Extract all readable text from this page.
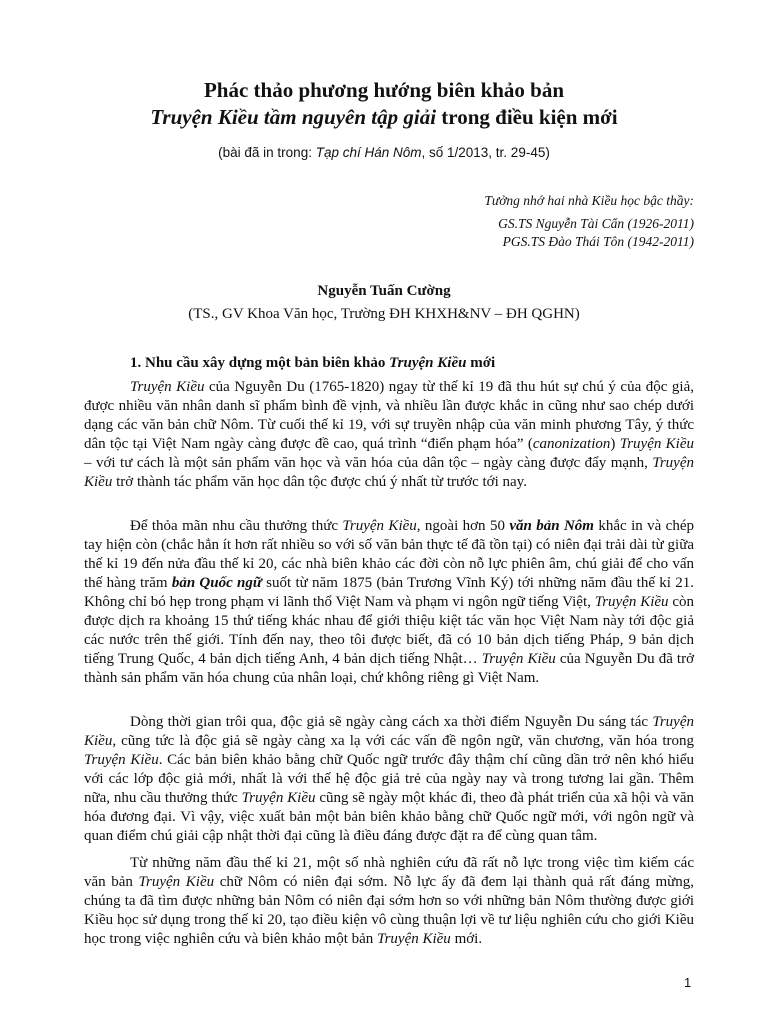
Phác thảo phương hướng biên khảo bản
Truyện Kiều tầm nguyên tập giải trong điều kiện mới
(bài đã in trong: Tạp chí Hán Nôm, số 1/2013, tr. 29-45)
Tưởng nhớ hai nhà Kiều học bậc thầy:
GS.TS Nguyễn Tài Cẩn (1926-2011)
PGS.TS Đào Thái Tôn (1942-2011)
Nguyễn Tuấn Cường
(TS., GV Khoa Văn học, Trường ĐH KHXH&NV – ĐH QGHN)
1. Nhu cầu xây dựng một bản biên khảo Truyện Kiều mới

Truyện Kiều của Nguyễn Du (1765-1820) ngay từ thế kỉ 19 đã thu hút sự chú ý của độc giả, được nhiều văn nhân danh sĩ phẩm bình đề vịnh, và nhiều lần được khắc in cũng như sao chép dưới dạng các văn bản chữ Nôm. Từ cuối thế kỉ 19, với sự truyền nhập của văn minh phương Tây, ý thức dân tộc tại Việt Nam ngày càng được đề cao, quá trình “điển phạm hóa” (canonization) Truyện Kiều – với tư cách là một sản phẩm văn học và văn hóa của dân tộc – ngày càng được đẩy mạnh, Truyện Kiều trở thành tác phẩm văn học dân tộc được chú ý nhất từ trước tới nay.

Để thỏa mãn nhu cầu thưởng thức Truyện Kiều, ngoài hơn 50 văn bản Nôm khắc in và chép tay hiện còn (chắc hẳn ít hơn rất nhiều so với số văn bản thực tế đã tồn tại) có niên đại trải dài từ giữa thế kỉ 19 đến nửa đầu thế kỉ 20, các nhà biên khảo các đời còn nỗ lực phiên âm, chú giải để cho vấn thế hàng trăm bản Quốc ngữ suốt từ năm 1875 (bản Trương Vĩnh Ký) tới những năm đầu thế kỉ 21. Không chỉ bó hẹp trong phạm vi lãnh thổ Việt Nam và phạm vi ngôn ngữ tiếng Việt, Truyện Kiều còn được dịch ra khoảng 15 thứ tiếng khác nhau để giới thiệu kiệt tác văn học Việt Nam này tới độc giả các nước trên thế giới. Tính đến nay, theo tôi được biết, đã có 10 bản dịch tiếng Pháp, 9 bản dịch tiếng Trung Quốc, 4 bản dịch tiếng Anh, 4 bản dịch tiếng Nhật… Truyện Kiều của Nguyễn Du đã trở thành sản phẩm văn hóa chung của nhân loại, chứ không riêng gì Việt Nam.

Dòng thời gian trôi qua, độc giả sẽ ngày càng cách xa thời điểm Nguyễn Du sáng tác Truyện Kiều, cũng tức là độc giả sẽ ngày càng xa lạ với các vấn đề ngôn ngữ, văn chương, văn hóa trong Truyện Kiều. Các bản biên khảo bằng chữ Quốc ngữ trước đây thậm chí cũng dần trở nên khó hiểu với các lớp độc giả mới, nhất là với thế hệ độc giả trẻ của ngày nay và trong tương lai gần. Thêm nữa, nhu cầu thưởng thức Truyện Kiều cũng sẽ ngày một khác đi, theo đà phát triển của xã hội và văn hóa đương đại. Vì vậy, việc xuất bản một bản biên khảo bằng chữ Quốc ngữ mới, với ngôn ngữ và quan điểm chú giải cập nhật thời đại cũng là điều đáng được đặt ra để cùng quan tâm.

Từ những năm đầu thế kỉ 21, một số nhà nghiên cứu đã rất nỗ lực trong việc tìm kiếm các văn bản Truyện Kiều chữ Nôm có niên đại sớm. Nỗ lực ấy đã đem lại thành quả rất đáng mừng, chúng ta đã tìm được những bản Nôm có niên đại sớm hơn so với những bản Nôm thường được giới Kiều học sử dụng trong thế kỉ 20, tạo điều kiện vô cùng thuận lợi về tư liệu nghiên cứu cho giới Kiều học trong việc nghiên cứu và biên khảo một bản Truyện Kiều mới.

1
